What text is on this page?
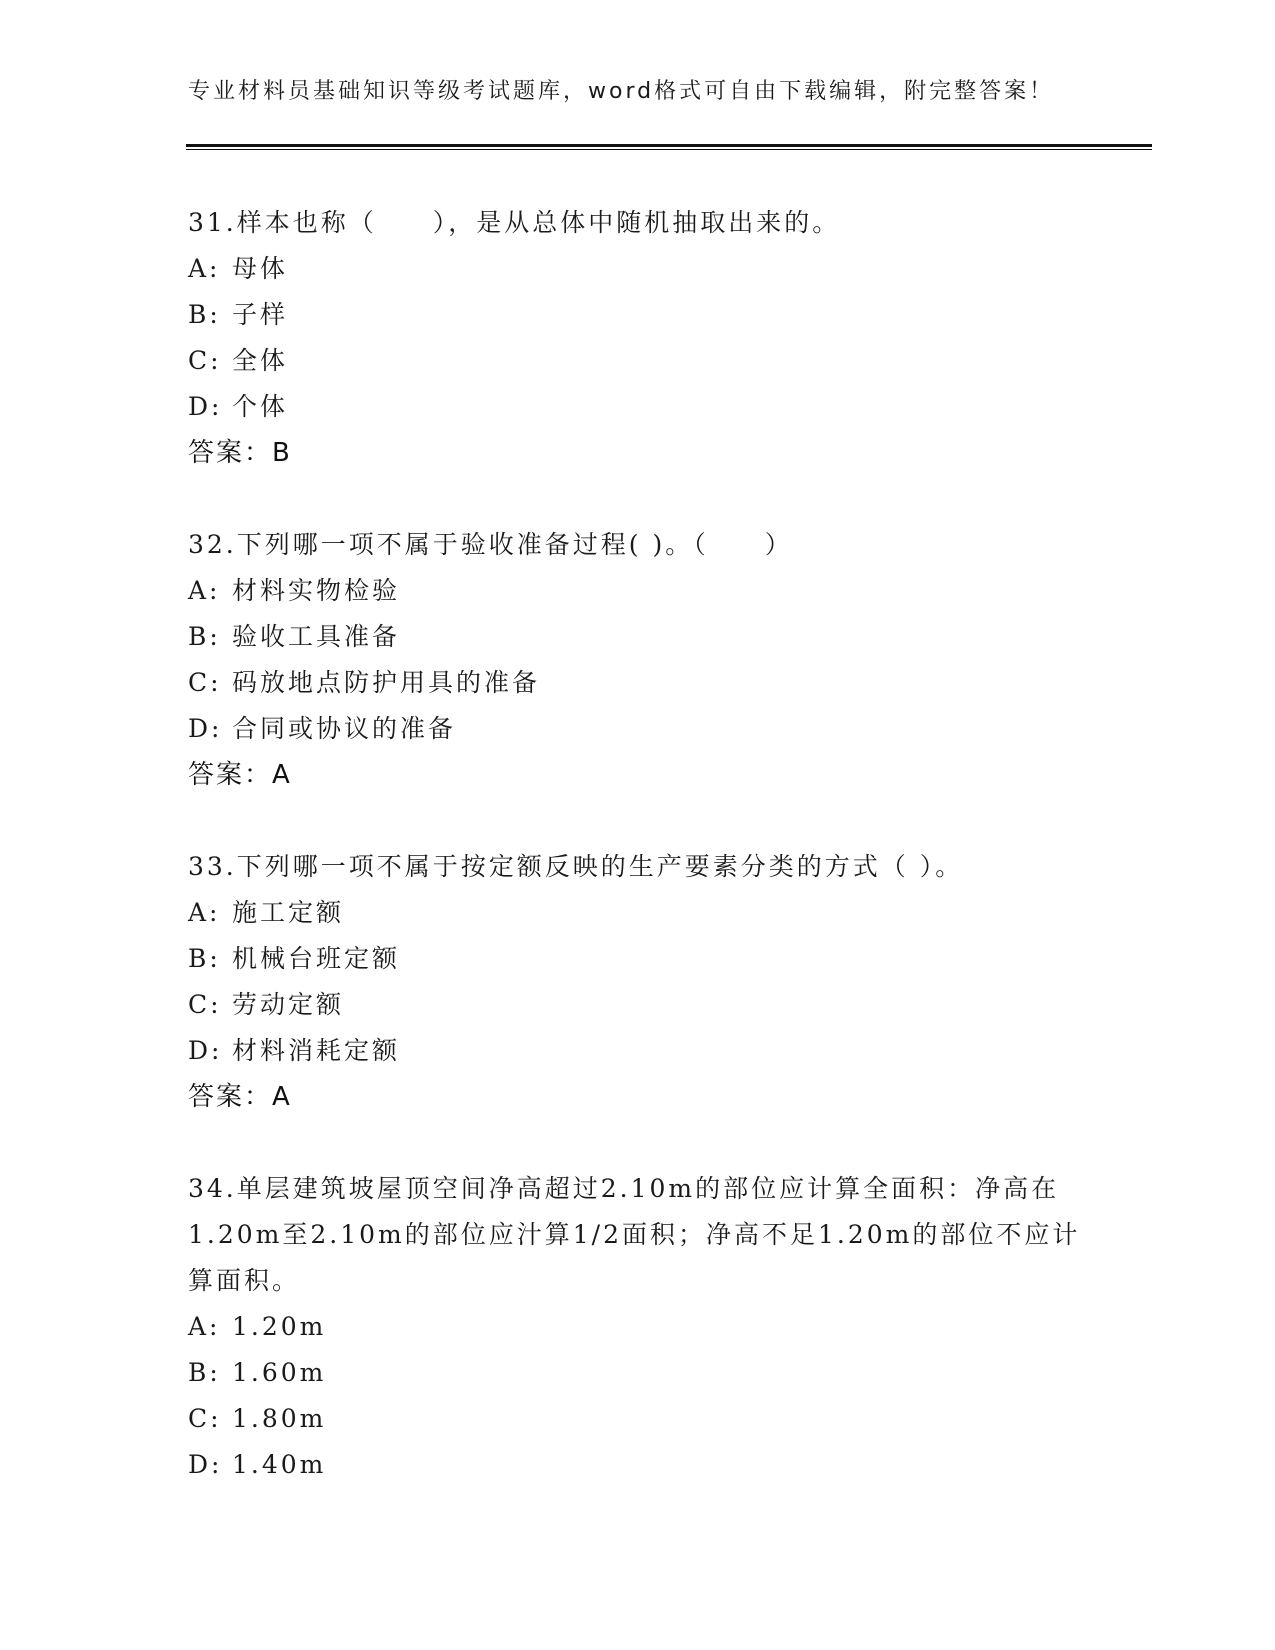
专业材料员基础知识等级考试题库，word格式可自由下载编辑，附完整答案！
31.样本也称（　　），是从总体中随机抽取出来的。
A: 母体
B: 子样
C: 全体
D: 个体
答案：B
32.下列哪一项不属于验收准备过程( )。（　　）
A: 材料实物检验
B: 验收工具准备
C: 码放地点防护用具的准备
D: 合同或协议的准备
答案：A
33.下列哪一项不属于按定额反映的生产要素分类的方式（ ）。
A: 施工定额
B: 机械台班定额
C: 劳动定额
D: 材料消耗定额
答案：A
34.单层建筑坡屋顶空间净高超过2.10m的部位应计算全面积：净高在1.20m至2.10m的部位应汁算1/2面积；净高不足1.20m的部位不应计算面积。
A: 1.20m
B: 1.60m
C: 1.80m
D: 1.40m
